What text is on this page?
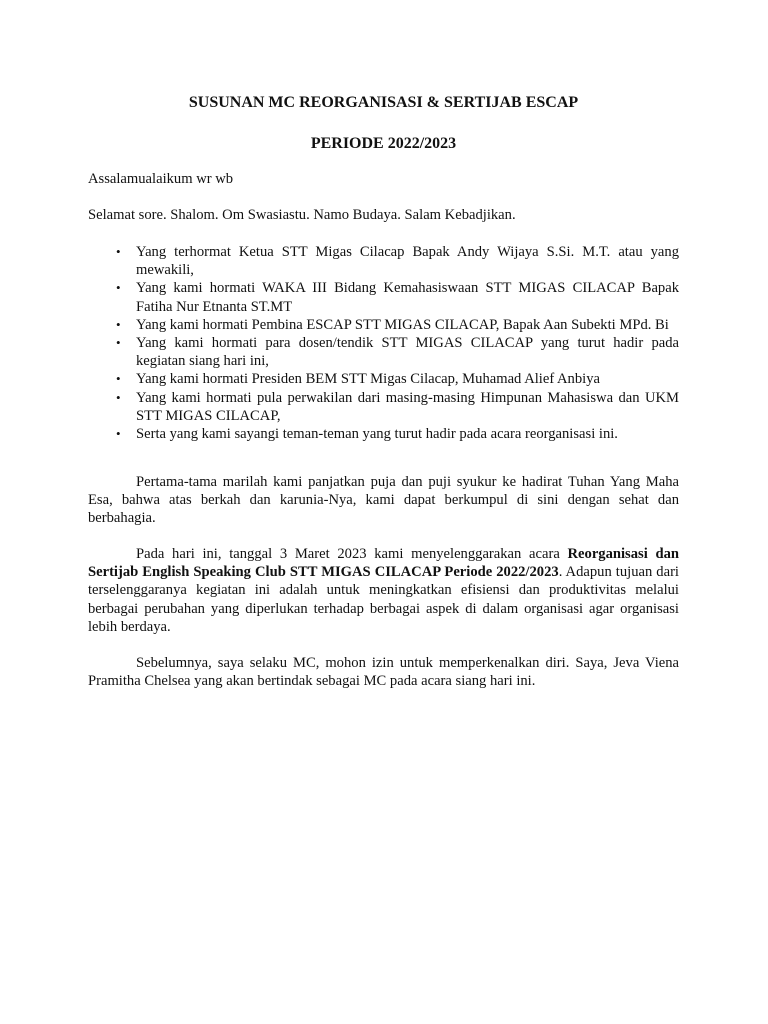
SUSUNAN MC REORGANISASI & SERTIJAB ESCAP
PERIODE 2022/2023

Assalamualaikum wr wb

Selamat sore. Shalom. Om Swasiastu. Namo Budaya. Salam Kebadjikan.

• Yang terhormat Ketua STT Migas Cilacap Bapak Andy Wijaya S.Si. M.T. atau yang mewakili,
• Yang kami hormati WAKA III Bidang Kemahasiswaan STT MIGAS CILACAP Bapak Fatiha Nur Etnanta ST.MT
• Yang kami hormati Pembina ESCAP STT MIGAS CILACAP, Bapak Aan Subekti MPd. Bi
• Yang kami hormati para dosen/tendik STT MIGAS CILACAP yang turut hadir pada kegiatan siang hari ini,
• Yang kami hormati Presiden BEM STT Migas Cilacap, Muhamad Alief Anbiya
• Yang kami hormati pula perwakilan dari masing-masing Himpunan Mahasiswa dan UKM STT MIGAS CILACAP,
• Serta yang kami sayangi teman-teman yang turut hadir pada acara reorganisasi ini.

Pertama-tama marilah kami panjatkan puja dan puji syukur ke hadirat Tuhan Yang Maha Esa, bahwa atas berkah dan karunia-Nya, kami dapat berkumpul di sini dengan sehat dan berbahagia.

Pada hari ini, tanggal 3 Maret 2023 kami menyelenggarakan acara Reorganisasi dan Sertijab English Speaking Club STT MIGAS CILACAP Periode 2022/2023. Adapun tujuan dari terselenggaranya kegiatan ini adalah untuk meningkatkan efisiensi dan produktivitas melalui berbagai perubahan yang diperlukan terhadap berbagai aspek di dalam organisasi agar organisasi lebih berdaya.

Sebelumnya, saya selaku MC, mohon izin untuk memperkenalkan diri. Saya, Jeva Viena Pramitha Chelsea yang akan bertindak sebagai MC pada acara siang hari ini.
